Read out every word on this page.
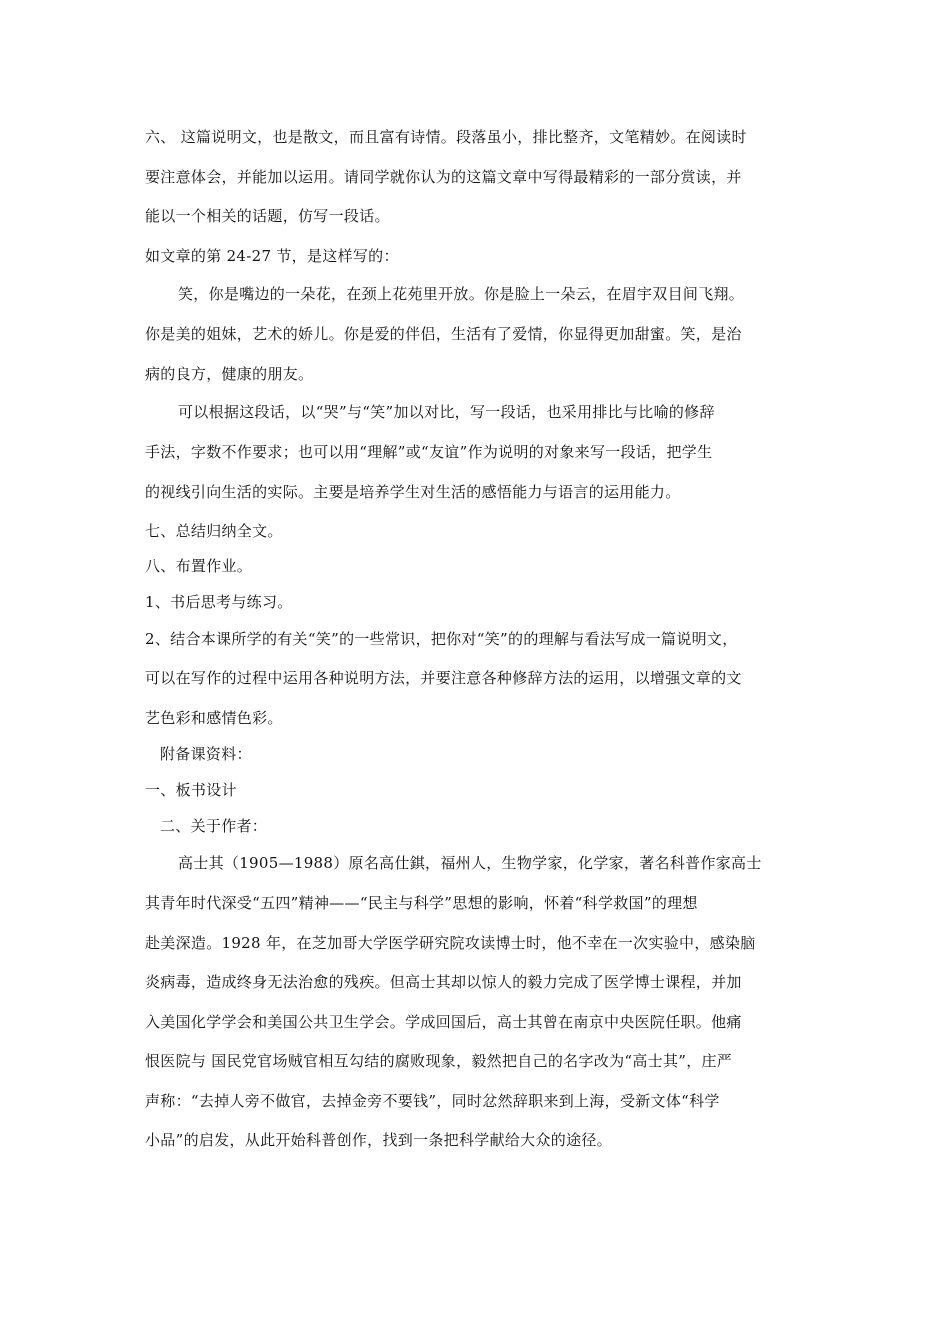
六、 这篇说明文，也是散文，而且富有诗情。段落虽小，排比整齐，文笔精妙。在阅读时
要注意体会，并能加以运用。请同学就你认为的这篇文章中写得最精彩的一部分赏读，并
能以一个相关的话题，仿写一段话。
如文章的第 24-27 节，是这样写的：
笑，你是嘴边的一朵花，在颈上花苑里开放。你是脸上一朵云，在眉宇双目间飞翔。
你是美的姐妹，艺术的娇儿。你是爱的伴侣，生活有了爱情，你显得更加甜蜜。笑，是治
病的良方，健康的朋友。
可以根据这段话，以“哭”与“笑”加以对比，写一段话，也采用排比与比喻的修辞
手法，字数不作要求；也可以用“理解”或“友谊”作为说明的对象来写一段话，把学生
的视线引向生活的实际。主要是培养学生对生活的感悟能力与语言的运用能力。
七、总结归纳全文。
八、布置作业。
1、书后思考与练习。
2、结合本课所学的有关“笑”的一些常识，把你对“笑”的的理解与看法写成一篇说明文，
可以在写作的过程中运用各种说明方法，并要注意各种修辞方法的运用，以增强文章的文
艺色彩和感情色彩。
附备课资料：
一、板书设计
二、关于作者：
高士其（1905—1988）原名高仕錤，福州人，生物学家，化学家，著名科普作家高士
其青年时代深受“五四”精神——“民主与科学”思想的影响，怀着“科学救国”的理想
赴美深造。1928 年，在芝加哥大学医学研究院攻读博士时，他不幸在一次实验中，感染脑
炎病毒，造成终身无法治愈的残疾。但高士其却以惊人的毅力完成了医学博士课程，并加
入美国化学学会和美国公共卫生学会。学成回国后，高士其曾在南京中央医院任职。他痛
恨医院与 国民党官场贼官相互勾结的腐败现象，毅然把自己的名字改为“高士其”，庄严
声称：“去掉人旁不做官，去掉金旁不要钱”，同时忿然辞职来到上海，受新文体“科学
小品”的启发，从此开始科普创作，找到一条把科学献给大众的途径。
